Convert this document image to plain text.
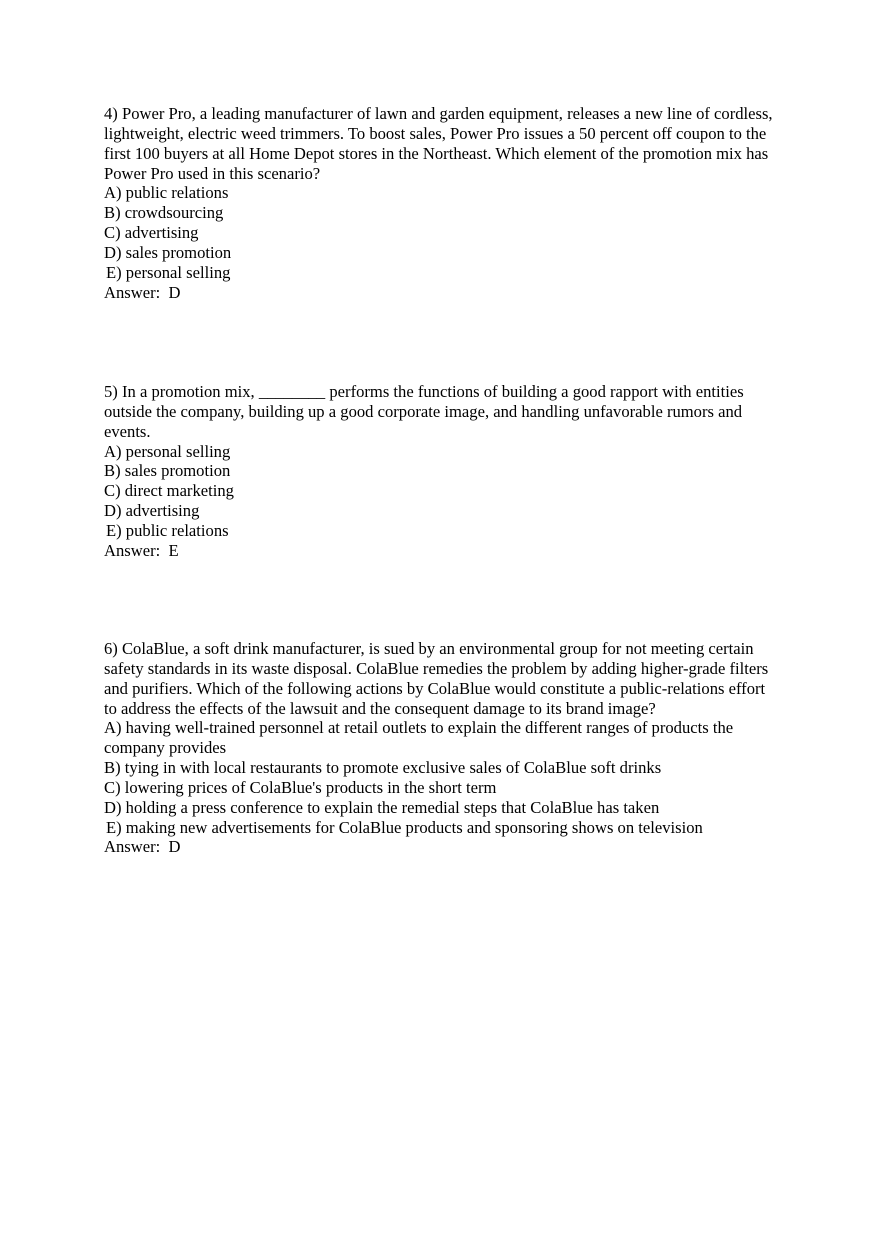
4) Power Pro, a leading manufacturer of lawn and garden equipment, releases a new line of cordless, lightweight, electric weed trimmers. To boost sales, Power Pro issues a 50 percent off coupon to the first 100 buyers at all Home Depot stores in the Northeast. Which element of the promotion mix has Power Pro used in this scenario?

A) public relations

B) crowdsourcing

C) advertising

D) sales promotion

E) personal selling

Answer:  D

5) In a promotion mix, ________ performs the functions of building a good rapport with entities outside the company, building up a good corporate image, and handling unfavorable rumors and events.

A) personal selling

B) sales promotion

C) direct marketing

D) advertising

E) public relations

Answer:  E

6) ColaBlue, a soft drink manufacturer, is sued by an environmental group for not meeting certain safety standards in its waste disposal. ColaBlue remedies the problem by adding higher-grade filters and purifiers. Which of the following actions by ColaBlue would constitute a public-relations effort to address the effects of the lawsuit and the consequent damage to its brand image?

A) having well-trained personnel at retail outlets to explain the different ranges of products the company provides

B) tying in with local restaurants to promote exclusive sales of ColaBlue soft drinks

C) lowering prices of ColaBlue's products in the short term

D) holding a press conference to explain the remedial steps that ColaBlue has taken

E) making new advertisements for ColaBlue products and sponsoring shows on television

Answer:  D
